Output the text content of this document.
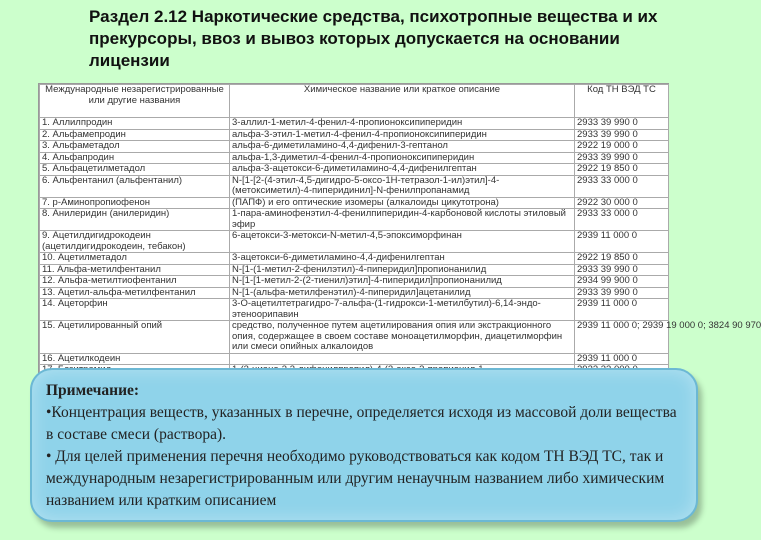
Раздел 2.12 Наркотические средства, психотропные вещества и их прекурсоры, ввоз и вывоз которых допускается на основании лицензии
Международные незарегистрированные или другие названия	Химическое название или краткое описание	Код ТН ВЭД ТС
1. Аллилпродин	3-аллил-1-метил-4-фенил-4-пропионоксипиперидин	2933 39 990 0
2. Альфамепродин	альфа-3-этил-1-метил-4-фенил-4-пропионоксипиперидин	2933 39 990 0
3. Альфаметадол	альфа-6-диметиламино-4,4-дифенил-3-гептанол	2922 19 000 0
4. Альфапродин	альфа-1,3-диметил-4-фенил-4-пропионоксипиперидин	2933 39 990 0
5. Альфацетилметадол	альфа-3-ацетокси-6-диметиламино-4,4-дифенилгептан	2922 19 850 0
6. Альфентанил (альфентанил)	N-[1-[2-(4-этил-4,5-дигидро-5-оксо-1Н-тетразол-1-ил)этил]-4-(метоксиметил)-4-пиперидинил]-N-фенилпропанамид	2933 33 000 0
7. р-Аминопропиофенон	(ПАПФ) и его оптические изомеры (алкалоиды цикутотрона)	2922 30 000 0
8. Анилеридин (анилеридин)	1-пара-аминофенэтил-4-фенилпиперидин-4-карбоновой кислоты этиловый эфир	2933 33 000 0
9. Ацетилдигидрокодеин (ацетилдигидрокодеин, тебакон)	6-ацетокси-3-метокси-N-метил-4,5-эпоксиморфинан	2939 11 000 0
10. Ацетилметадол	3-ацетокси-6-диметиламино-4,4-дифенилгептан	2922 19 850 0
11. Альфа-метилфентанил	N-[1-(1-метил-2-фенилэтил)-4-пиперидил]пропионанилид	2933 39 990 0
12. Альфа-метилтиофентанил	N-[1-[1-метил-2-(2-тиенил)этил]-4-пиперидил]пропионанилид	2934 99 900 0
13. Ацетил-альфа-метилфентанил	N-[1-(альфа-метилфенэтил)-4-пиперидил]ацетанилид	2933 39 990 0
14. Ацеторфин	3-О-ацетилтетрагидро-7-альфа-(1-гидрокси-1-метилбутил)-6,14-эндо-этеноорипавин	2939 11 000 0
15. Ацетилированный опий	средство, полученное путем ацетилирования опия или экстракционного опия, содержащее в своем составе моноацетилморфин, диацетилморфин или смеси опийных алкалоидов	2939 11 000 0; 2939 19 000 0; 3824 90 970
16. Ацетилкодеин		2939 11 000 0

Примечание:
•Концентрация веществ, указанных в перечне, определяется исходя из массовой доли вещества в составе смеси (раствора).
• Для целей применения перечня необходимо руководствоваться как кодом ТН ВЭД ТС, так и международным незарегистрированным или другим ненаучным названием либо химическим названием или кратким описанием
